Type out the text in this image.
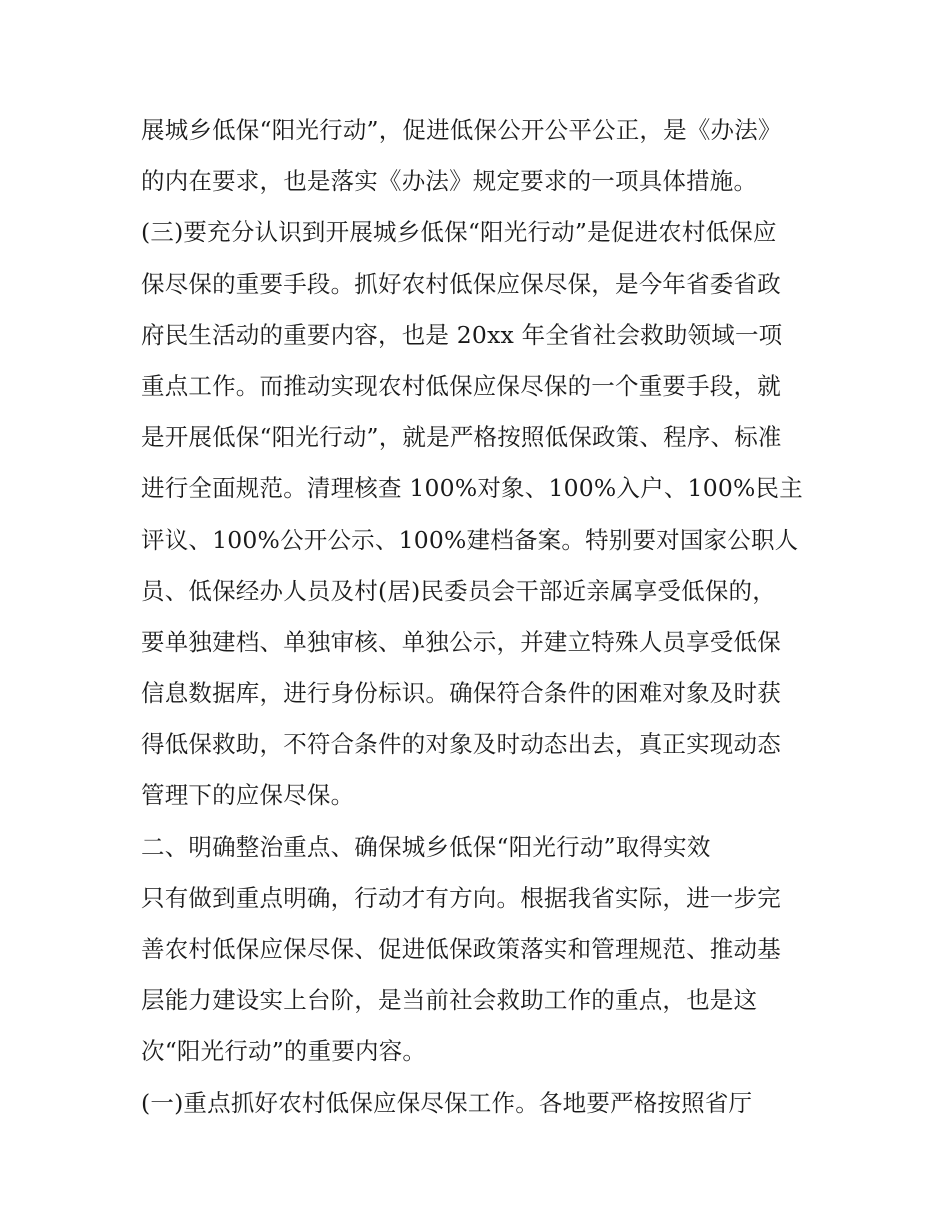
展城乡低保“阳光行动”，促进低保公开公平公正，是《办法》
的内在要求，也是落实《办法》规定要求的一项具体措施。
(三)要充分认识到开展城乡低保“阳光行动”是促进农村低保应
保尽保的重要手段。抓好农村低保应保尽保，是今年省委省政
府民生活动的重要内容，也是 20xx 年全省社会救助领域一项
重点工作。而推动实现农村低保应保尽保的一个重要手段，就
是开展低保“阳光行动”，就是严格按照低保政策、程序、标准
进行全面规范。清理核查 100%对象、100%入户、100%民主
评议、100%公开公示、100%建档备案。特别要对国家公职人
员、低保经办人员及村(居)民委员会干部近亲属享受低保的，
要单独建档、单独审核、单独公示，并建立特殊人员享受低保
信息数据库，进行身份标识。确保符合条件的困难对象及时获
得低保救助，不符合条件的对象及时动态出去，真正实现动态
管理下的应保尽保。
二、明确整治重点、确保城乡低保“阳光行动”取得实效
只有做到重点明确，行动才有方向。根据我省实际，进一步完
善农村低保应保尽保、促进低保政策落实和管理规范、推动基
层能力建设实上台阶，是当前社会救助工作的重点，也是这
次“阳光行动”的重要内容。
(一)重点抓好农村低保应保尽保工作。各地要严格按照省厅
